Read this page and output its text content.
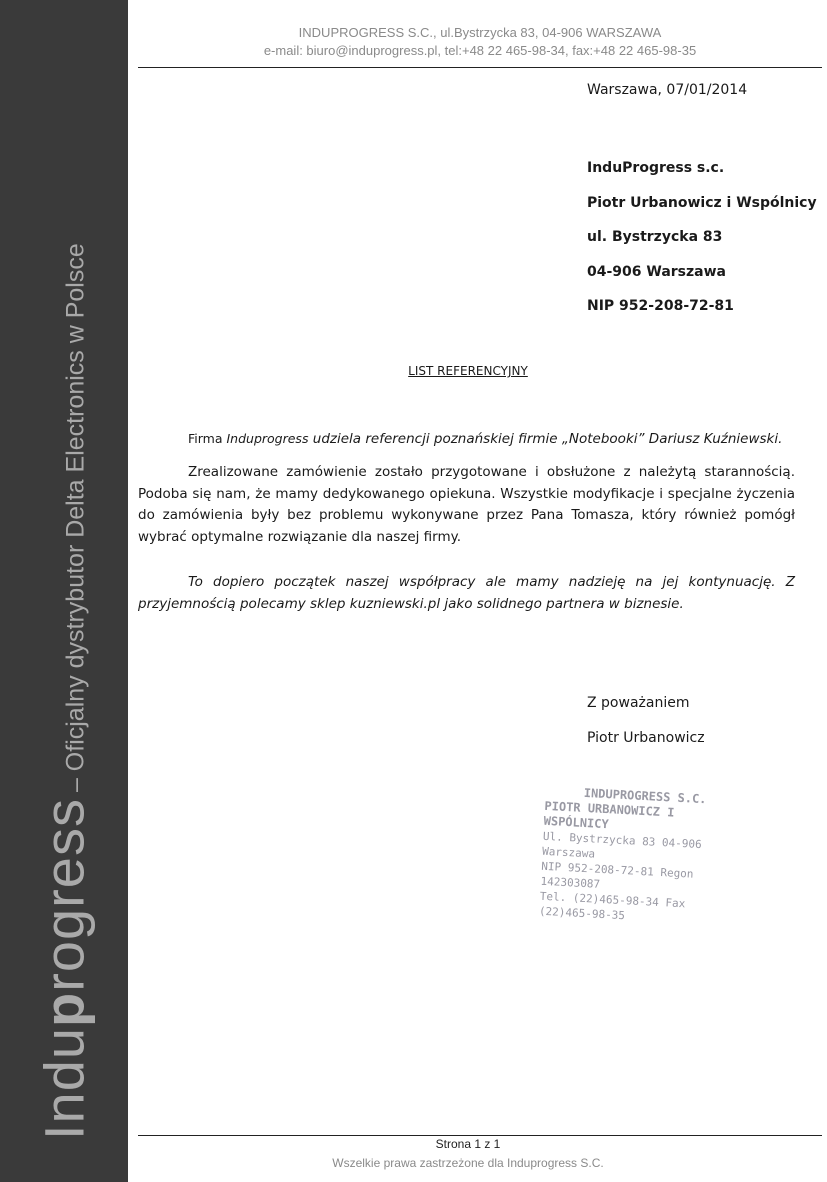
Induprogress– Oficjalny dystrybutor Delta Electronics w Polsce
INDUPROGRESS S.C., ul.Bystrzycka 83, 04-906 WARSZAWA
e-mail: biuro@induprogress.pl, tel:+48 22 465-98-34, fax:+48 22 465-98-35
Warszawa, 07/01/2014
InduProgress s.c.
Piotr Urbanowicz i Wspólnicy
ul. Bystrzycka 83
04-906 Warszawa
NIP 952-208-72-81
LIST REFERENCYJNY
Firma Induprogress udziela referencji poznańskiej firmie „Notebooki” Dariusz Kuźniewski.
Zrealizowane zamówienie zostało przygotowane i obsłużone z należytą starannością. Podoba się nam, że mamy dedykowanego opiekuna. Wszystkie modyfikacje i specjalne życzenia do zamówienia były bez problemu wykonywane przez Pana Tomasza, który również pomógł wybrać optymalne rozwiązanie dla naszej firmy.
To dopiero początek naszej współpracy ale mamy nadzieję na jej kontynuację. Z przyjemnością polecamy sklep kuzniewski.pl jako solidnego partnera w biznesie.
Z poważaniem
Piotr Urbanowicz
INDUPROGRESS S.C.
PIOTR URBANOWICZ I WSPÓLNICY
Ul. Bystrzycka 83 04-906 Warszawa
NIP 952-208-72-81 Regon 142303087
Tel. (22)465-98-34 Fax (22)465-98-35
Strona 1 z 1
Wszelkie prawa zastrzeżone dla Induprogress S.C.
